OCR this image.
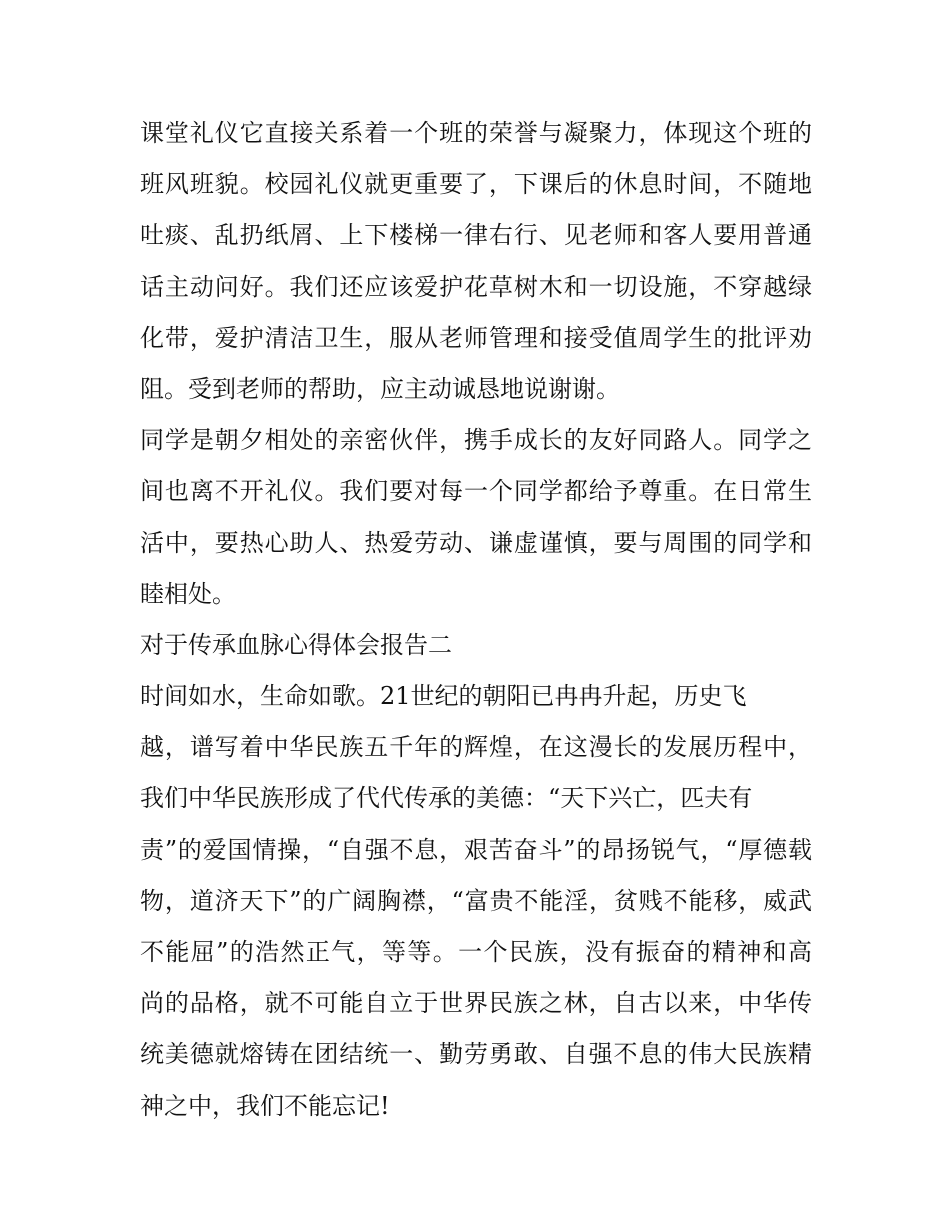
课堂礼仪它直接关系着一个班的荣誉与凝聚力，体现这个班的
班风班貌。校园礼仪就更重要了，下课后的休息时间，不随地
吐痰、乱扔纸屑、上下楼梯一律右行、见老师和客人要用普通
话主动问好。我们还应该爱护花草树木和一切设施，不穿越绿
化带，爱护清洁卫生，服从老师管理和接受值周学生的批评劝
阻。受到老师的帮助，应主动诚恳地说谢谢。
同学是朝夕相处的亲密伙伴，携手成长的友好同路人。同学之
间也离不开礼仪。我们要对每一个同学都给予尊重。在日常生
活中，要热心助人、热爱劳动、谦虚谨慎，要与周围的同学和
睦相处。
对于传承血脉心得体会报告二
时间如水，生命如歌。21世纪的朝阳已冉冉升起，历史飞
越，谱写着中华民族五千年的辉煌，在这漫长的发展历程中，
我们中华民族形成了代代传承的美德：“天下兴亡，匹夫有
责”的爱国情操，“自强不息，艰苦奋斗”的昂扬锐气，“厚德载
物，道济天下”的广阔胸襟，“富贵不能淫，贫贱不能移，威武
不能屈”的浩然正气，等等。一个民族，没有振奋的精神和高
尚的品格，就不可能自立于世界民族之林，自古以来，中华传
统美德就熔铸在团结统一、勤劳勇敢、自强不息的伟大民族精
神之中，我们不能忘记!
